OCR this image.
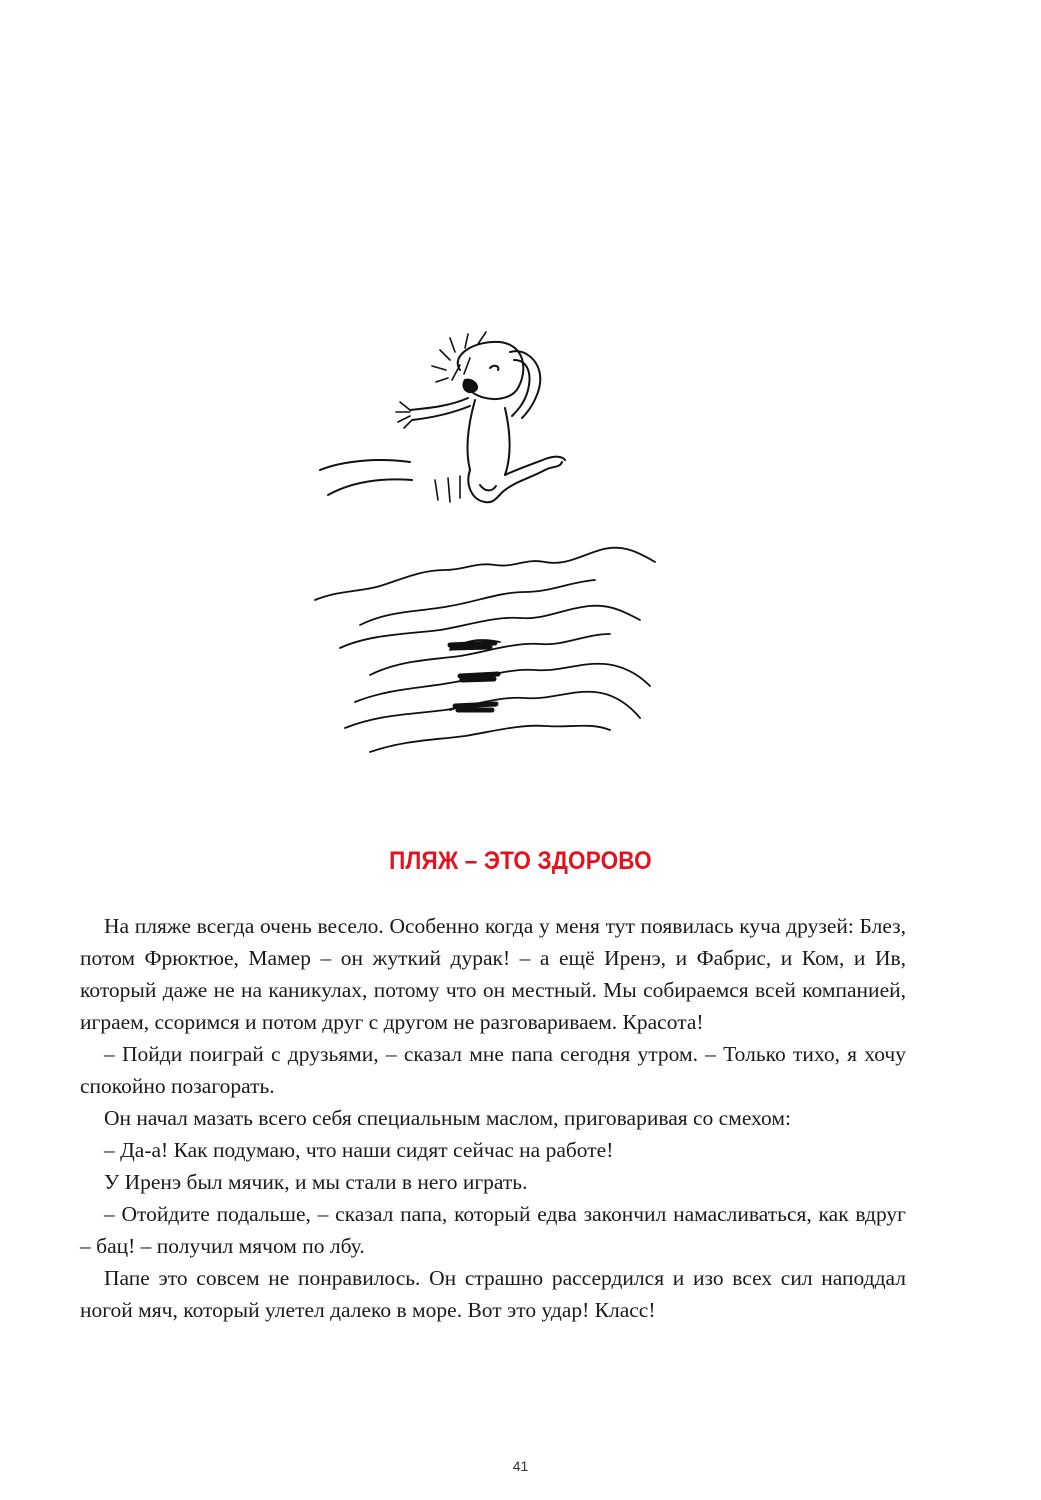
ПЛЯЖ – ЭТО ЗДОРОВО

На пляже всегда очень весело. Особенно когда у меня тут появилась куча друзей: Блез, потом Фрюктюе, Мамер – он жуткий дурак! – а ещё Иренэ, и Фабрис, и Ком, и Ив, который даже не на каникулах, потому что он местный. Мы собираемся всей компанией, играем, ссоримся и потом друг с другом не разговариваем. Красота!

– Пойди поиграй с друзьями, – сказал мне папа сегодня утром. – Только тихо, я хочу спокойно позагорать.

Он начал мазать всего себя специальным маслом, приговаривая со смехом:

– Да-а! Как подумаю, что наши сидят сейчас на работе!

У Иренэ был мячик, и мы стали в него играть.

– Отойдите подальше, – сказал папа, который едва закончил намасливаться, как вдруг – бац! – получил мячом по лбу.

Папе это совсем не понравилось. Он страшно рассердился и изо всех сил наподдал ногой мяч, который улетел далеко в море. Вот это удар! Класс!

41
